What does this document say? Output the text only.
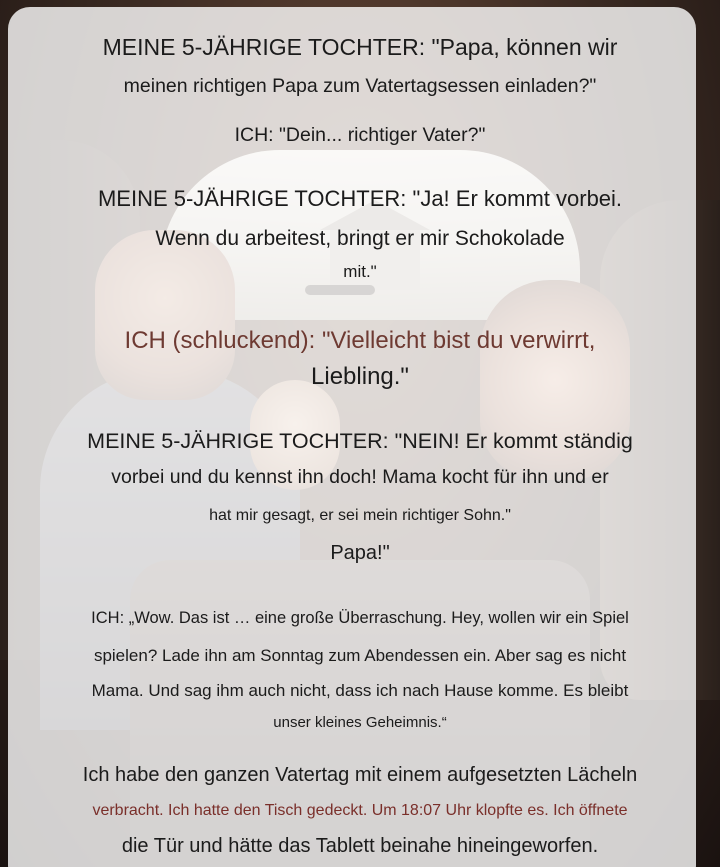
MEINE 5-JÄHRIGE TOCHTER: "Papa, können wir
meinen richtigen Papa zum Vatertagsessen einladen?"
ICH: "Dein... richtiger Vater?"
MEINE 5-JÄHRIGE TOCHTER: "Ja! Er kommt vorbei.
Wenn du arbeitest, bringt er mir Schokolade
mit."
ICH (schluckend): "Vielleicht bist du verwirrt,
Liebling."
MEINE 5-JÄHRIGE TOCHTER: "NEIN! Er kommt ständig
vorbei und du kennst ihn doch! Mama kocht für ihn und er
hat mir gesagt, er sei mein richtiger Sohn."
Papa!"
ICH: „Wow. Das ist … eine große Überraschung. Hey, wollen wir ein Spiel
spielen? Lade ihn am Sonntag zum Abendessen ein. Aber sag es nicht
Mama. Und sag ihm auch nicht, dass ich nach Hause komme. Es bleibt
unser kleines Geheimnis.“
Ich habe den ganzen Vatertag mit einem aufgesetzten Lächeln
verbracht. Ich hatte den Tisch gedeckt. Um 18:07 Uhr klopfte es. Ich öffnete
die Tür und hätte das Tablett beinahe hineingeworfen.
